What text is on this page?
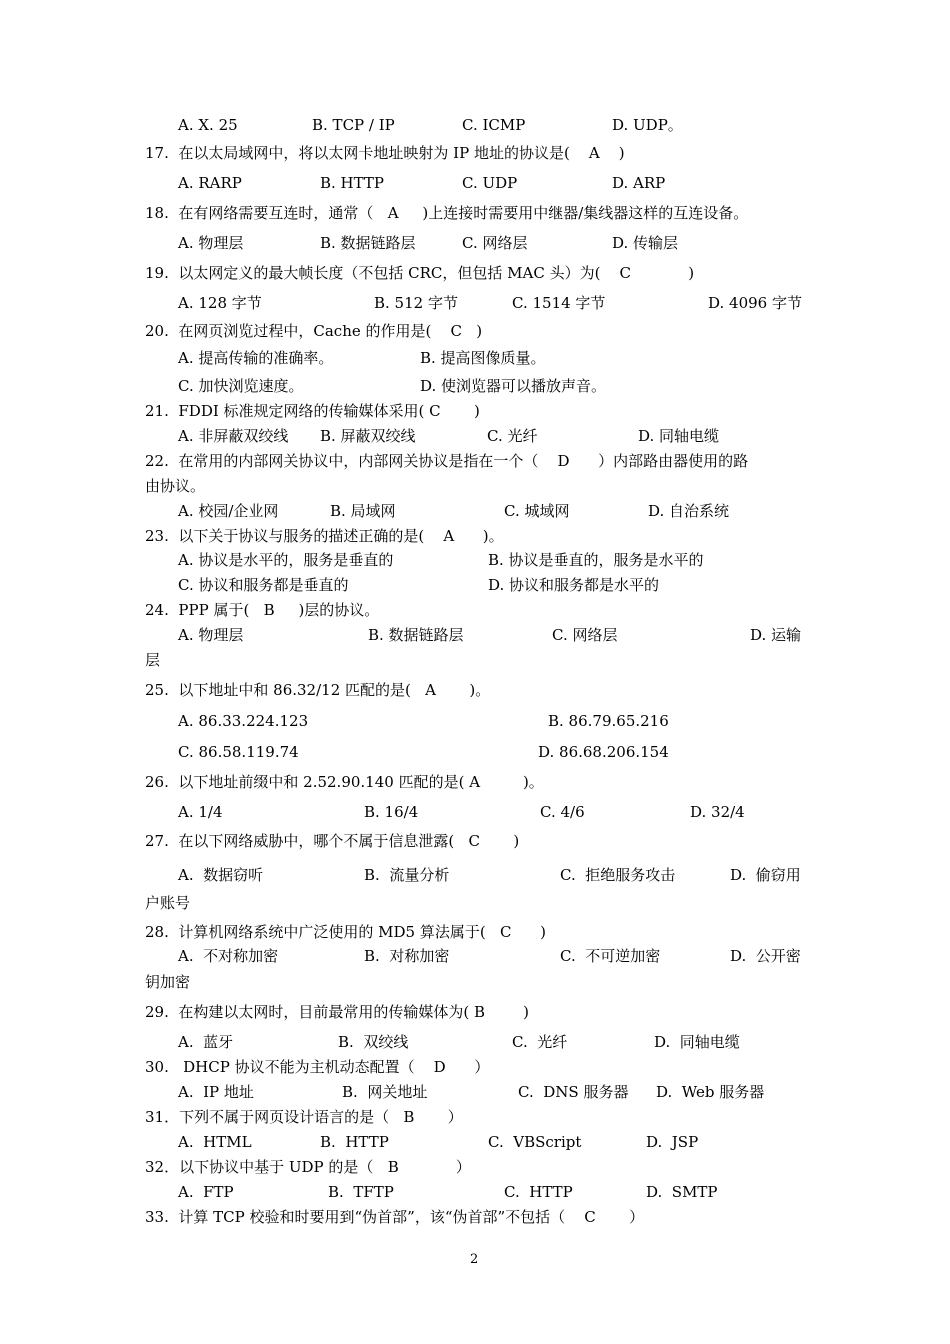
A. X. 25	B. TCP / IP	C. ICMP	D. UDP。
17.  在以太局域网中，将以太网卡地址映射为 IP 地址的协议是(    A    )
A. RARP	B. HTTP	C. UDP	D. ARP
18.  在有网络需要互连时，通常（   A     )上连接时需要用中继器/集线器这样的互连设备。
A. 物理层	B. 数据链路层	C. 网络层	D. 传输层
19.  以太网定义的最大帧长度（不包括 CRC，但包括 MAC 头）为(    C            )
A. 128 字节	B. 512 字节	C. 1514 字节	D. 4096 字节
20.  在网页浏览过程中，Cache 的作用是(    C   )
A. 提高传输的准确率。	B. 提高图像质量。
C. 加快浏览速度。	D. 使浏览器可以播放声音。
21.  FDDI 标准规定网络的传输媒体采用( C       )
A. 非屏蔽双绞线 B. 屏蔽双绞线	C. 光纤	D. 同轴电缆
22.  在常用的内部网关协议中，内部网关协议是指在一个（    D      ）内部路由器使用的路
由协议。
A. 校园/企业网	B. 局域网	C. 城域网	D. 自治系统
23.  以下关于协议与服务的描述正确的是(    A      )。
A. 协议是水平的，服务是垂直的	B. 协议是垂直的，服务是水平的
C. 协议和服务都是垂直的	D. 协议和服务都是水平的
24.  PPP 属于(   B     )层的协议。
A. 物理层	B. 数据链路层	C. 网络层	D. 运输
层
25.  以下地址中和 86.32/12 匹配的是(   A       )。
A. 86.33.224.123	B. 86.79.65.216
C. 86.58.119.74	D. 86.68.206.154
26.  以下地址前缀中和 2.52.90.140 匹配的是( A         )。
A. 1/4	B. 16/4	C. 4/6	D. 32/4
27.  在以下网络威胁中，哪个不属于信息泄露(   C       )
A.  数据窃听	B.  流量分析	C.  拒绝服务攻击	D.  偷窃用
户账号
28.  计算机网络系统中广泛使用的 MD5 算法属于(   C      )
A.  不对称加密	B.  对称加密	C.  不可逆加密	D.  公开密
钥加密
29.  在构建以太网时，目前最常用的传输媒体为( B        )
A.  蓝牙	B.  双绞线	C.  光纤	D.  同轴电缆
30.   DHCP 协议不能为主机动态配置（    D      ）
A.  IP 地址	B.  网关地址	C.  DNS 服务器 D.  Web 服务器
31．下列不属于网页设计语言的是（   B       ）
A.  HTML	B.  HTTP	C.  VBScript	D.  JSP
32．以下协议中基于 UDP 的是（   B            ）
A.  FTP	B.  TFTP	C.  HTTP	D.  SMTP
33.  计算 TCP 校验和时要用到“伪首部”，该“伪首部”不包括（    C       ）
2
